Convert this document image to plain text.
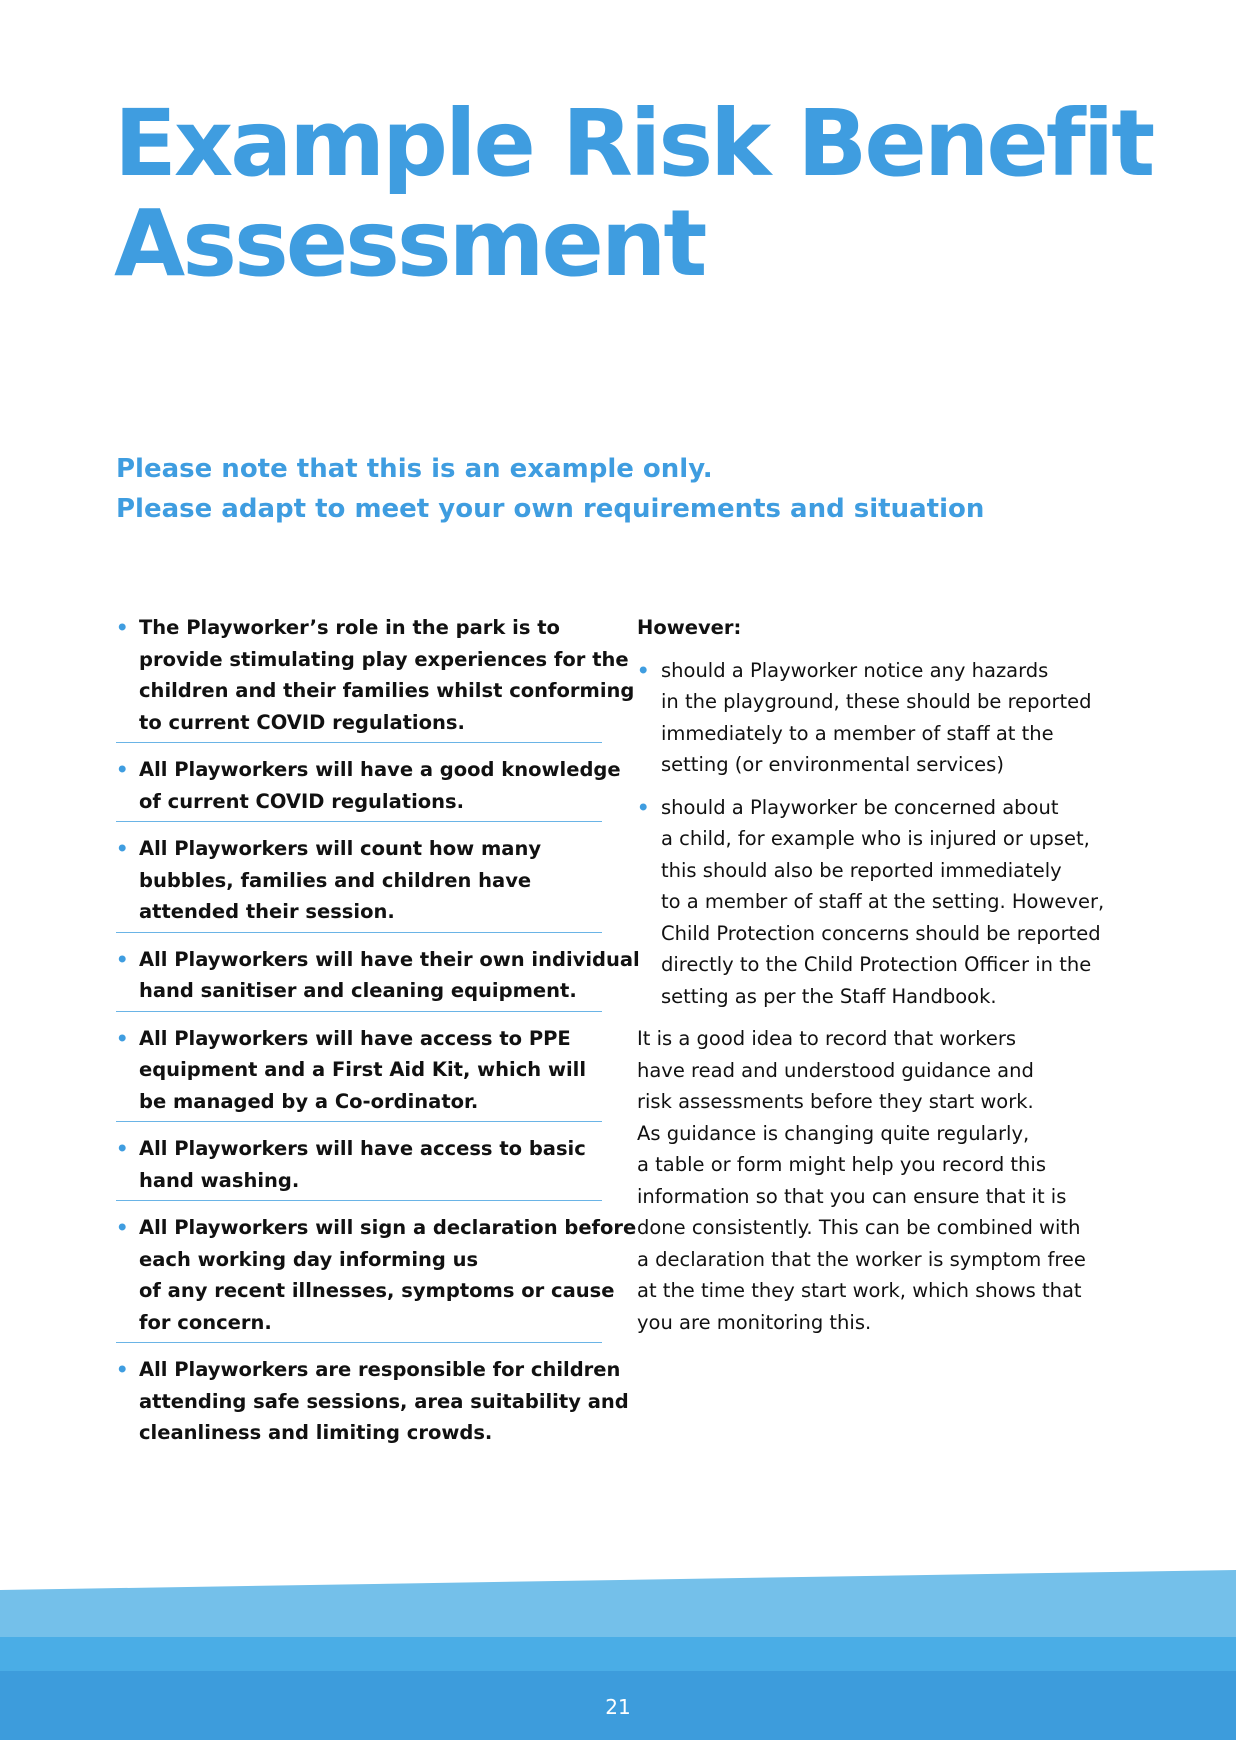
Example Risk Benefit
Assessment
Please note that this is an example only.
Please adapt to meet your own requirements and situation
• The Playworker’s role in the park is to
provide stimulating play experiences for the
children and their families whilst conforming
to current COVID regulations.
• All Playworkers will have a good knowledge
of current COVID regulations.
• All Playworkers will count how many
bubbles, families and children have
attended their session.
• All Playworkers will have their own individual
hand sanitiser and cleaning equipment.
• All Playworkers will have access to PPE
equipment and a First Aid Kit, which will
be managed by a Co-ordinator.
• All Playworkers will have access to basic
hand washing.
• All Playworkers will sign a declaration before
each working day informing us
of any recent illnesses, symptoms or cause
for concern.
• All Playworkers are responsible for children
attending safe sessions, area suitability and
cleanliness and limiting crowds.
However:
• should a Playworker notice any hazards
in the playground, these should be reported
immediately to a member of staff at the
setting (or environmental services)
• should a Playworker be concerned about
a child, for example who is injured or upset,
this should also be reported immediately
to a member of staff at the setting. However,
Child Protection concerns should be reported
directly to the Child Protection Officer in the
setting as per the Staff Handbook.
It is a good idea to record that workers
have read and understood guidance and
risk assessments before they start work.
As guidance is changing quite regularly,
a table or form might help you record this
information so that you can ensure that it is
done consistently. This can be combined with
a declaration that the worker is symptom free
at the time they start work, which shows that
you are monitoring this.
21
